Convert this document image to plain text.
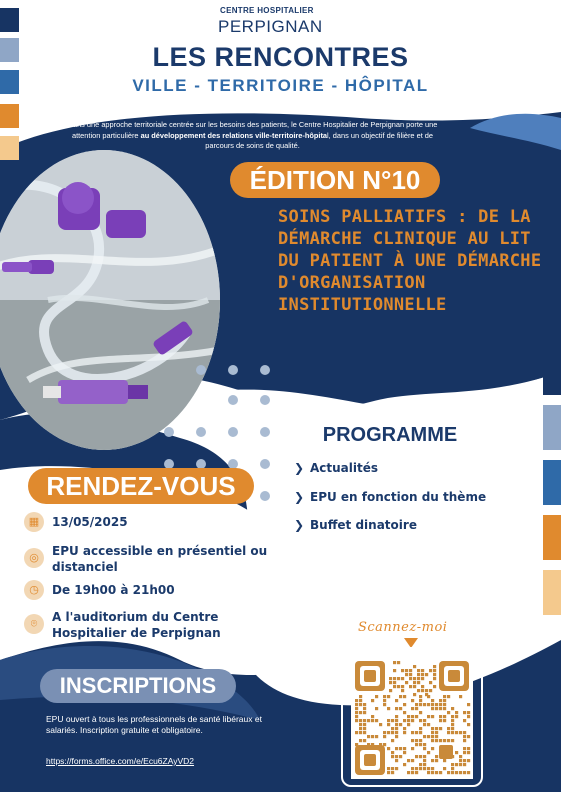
CENTRE HOSPITALIER
PERPIGNAN
LES RENCONTRES
VILLE - TERRITOIRE - HÔPITAL
Dans une approche territoriale centrée sur les besoins des patients, le Centre Hospitalier de Perpignan porte une attention particulière au développement des relations ville-territoire-hôpital, dans un objectif de filière et de parcours de soins de qualité.
ÉDITION N°10
SOINS PALLIATIFS : DE LA DÉMARCHE CLINIQUE AU LIT DU PATIENT À UNE DÉMARCHE D'ORGANISATION INSTITUTIONNELLE
PROGRAMME
❯ Actualités
❯ EPU en fonction du thème
❯ Buffet dinatoire
RENDEZ-VOUS
▦	13/05/2025
◎	EPU accessible en présentiel ou distanciel
◷	De 19h00 à 21h00
⌾	A l'auditorium du Centre Hospitalier de Perpignan
INSCRIPTIONS
EPU ouvert à tous les professionnels de santé libéraux et salariés. Inscription gratuite et obligatoire.
https://forms.office.com/e/Ecu6ZAyVD2
Scannez-moi
